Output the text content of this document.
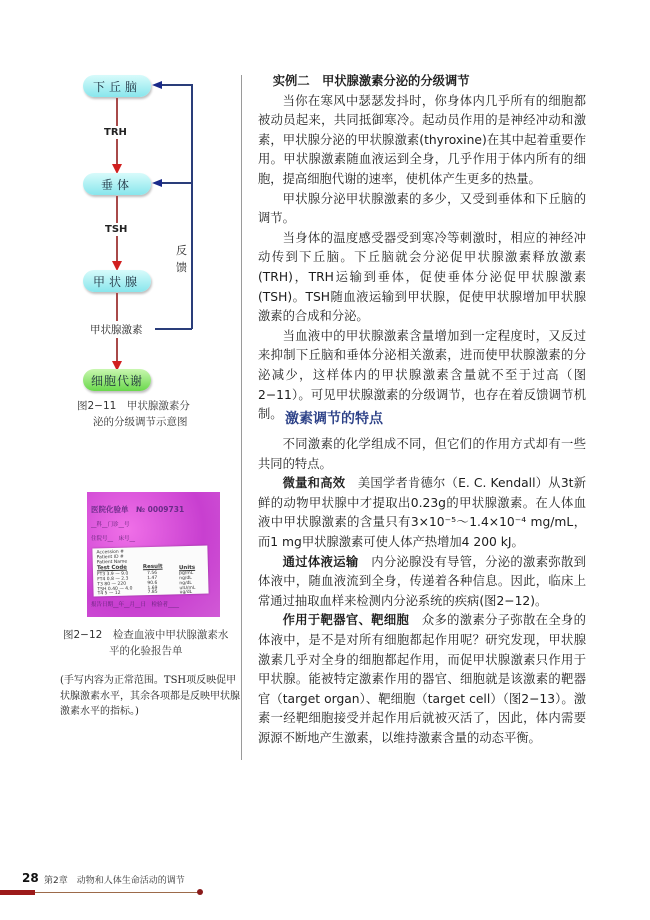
下丘脑
TRH
垂体
TSH
甲状腺
甲状腺激素
细胞代谢
反馈
图2−11　甲状腺激素分
泌的分级调节示意图
医院化验单　№ 0009731
__科__门诊__号
住院号__　床号__
Accession #
Patient ID #
Patient Name
Test Code	Result	Units
FT3 3.9 — 9.0	7.56	pg/mL
FT4 0.8 — 2.3	1.47	ng/dL
T3 80 — 220	90.6	ng/dL
TSH 0.40 — 4.0	1.69	uIU/mL
T4 5 — 12	7.85	ug/dL
报告日期__年__月__日　检验者____
图2−12　检查血液中甲状腺激素水
平的化验报告单
(手写内容为正常范围。TSH项反映促甲状腺激素水平，其余各项都是反映甲状腺激素水平的指标。)
实例二　甲状腺激素分泌的分级调节

当你在寒风中瑟瑟发抖时，你身体内几乎所有的细胞都被动员起来，共同抵御寒冷。起动员作用的是神经冲动和激素，甲状腺分泌的甲状腺激素(thyroxine)在其中起着重要作用。甲状腺激素随血液运到全身，几乎作用于体内所有的细胞，提高细胞代谢的速率，使机体产生更多的热量。

甲状腺分泌甲状腺激素的多少，又受到垂体和下丘脑的调节。

当身体的温度感受器受到寒冷等刺激时，相应的神经冲动传到下丘脑。下丘脑就会分泌促甲状腺激素释放激素(TRH)，TRH运输到垂体，促使垂体分泌促甲状腺激素(TSH)。TSH随血液运输到甲状腺，促使甲状腺增加甲状腺激素的合成和分泌。

当血液中的甲状腺激素含量增加到一定程度时，又反过来抑制下丘脑和垂体分泌相关激素，进而使甲状腺激素的分泌减少，这样体内的甲状腺激素含量就不至于过高（图2−11）。可见甲状腺激素的分级调节，也存在着反馈调节机制。 激素调节的特点

不同激素的化学组成不同，但它们的作用方式却有一些共同的特点。

微量和高效　 美国学者肯德尔（E. C. Kendall）从3t新鲜的动物甲状腺中才提取出0.23g的甲状腺激素。在人体血液中甲状腺激素的含量只有3×10⁻⁵～1.4×10⁻⁴ mg/mL，而1 mg甲状腺激素可使人体产热增加4 200 kJ。

通过体液运输　 内分泌腺没有导管，分泌的激素弥散到体液中，随血液流到全身，传递着各种信息。因此，临床上常通过抽取血样来检测内分泌系统的疾病(图2−12)。

作用于靶器官、靶细胞　 众多的激素分子弥散在全身的体液中，是不是对所有细胞都起作用呢？研究发现，甲状腺激素几乎对全身的细胞都起作用，而促甲状腺激素只作用于甲状腺。能被特定激素作用的器官、细胞就是该激素的靶器官（target organ）、靶细胞（target cell）（图2−13）。激素一经靶细胞接受并起作用后就被灭活了，因此，体内需要源源不断地产生激素，以维持激素含量的动态平衡。

28 第2章　动物和人体生命活动的调节
